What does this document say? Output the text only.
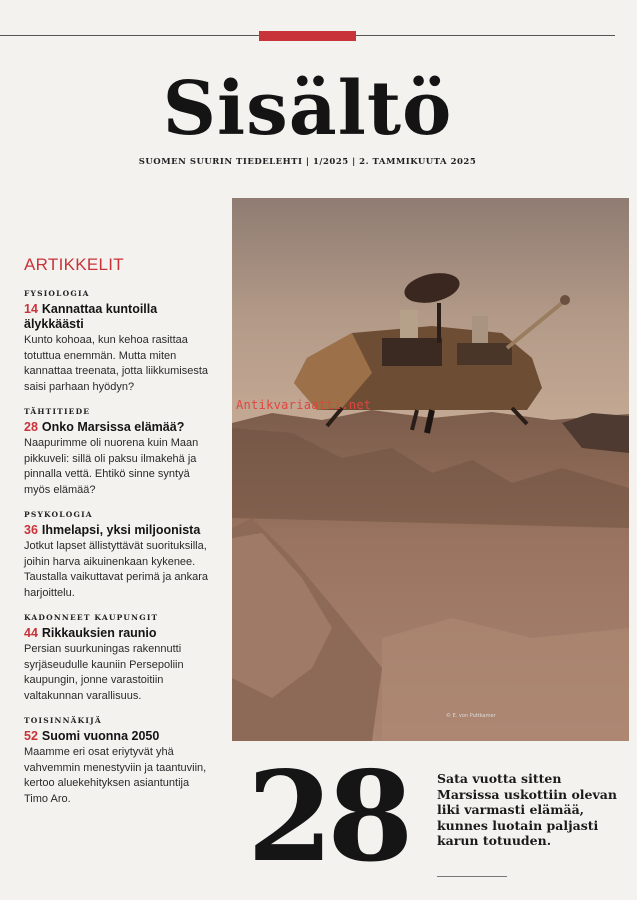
Sisältö
SUOMEN SUURIN TIEDELEHTI | 1/2025 | 2. TAMMIKUUTA 2025
ARTIKKELIT
FYSIOLOGIA
14 Kannattaa kuntoilla älykkäästi
Kunto kohoaa, kun kehoa rasittaa totuttua enemmän. Mutta miten kannattaa treenata, jotta liikkumisesta saisi parhaan hyödyn?
TÄHTITIEDE
28 Onko Marsissa elämää?
Naapurimme oli nuorena kuin Maan pikkuveli: sillä oli paksu ilmakehä ja pinnalla vettä. Ehtikö sinne syntyä myös elämää?
PSYKOLOGIA
36 Ihmelapsi, yksi miljoonista
Jotkut lapset ällistyttävät suorituksilla, joihin harva aikuinenkaan kykenee. Taustalla vaikuttavat perimä ja ankara harjoittelu.
KADONNEET KAUPUNGIT
44 Rikkauksien raunio
Persian suurkuningas rakennutti syrjäseudulle kauniin Persepoliin kaupungin, jonne varastoitiin valtakunnan varallisuus.
TOISINNÄKIJÄ
52 Suomi vuonna 2050
Maamme eri osat eriytyvät yhä vahvemmin menestyviin ja taantuviin, kertoo aluekehityksen asiantuntija Timo Aro.
Antikvariaatti.net
© E. von Puttkamer
28 Sata vuotta sitten Marsissa uskottiin olevan liki varmasti elämää, kunnes luotain paljasti karun totuuden.
